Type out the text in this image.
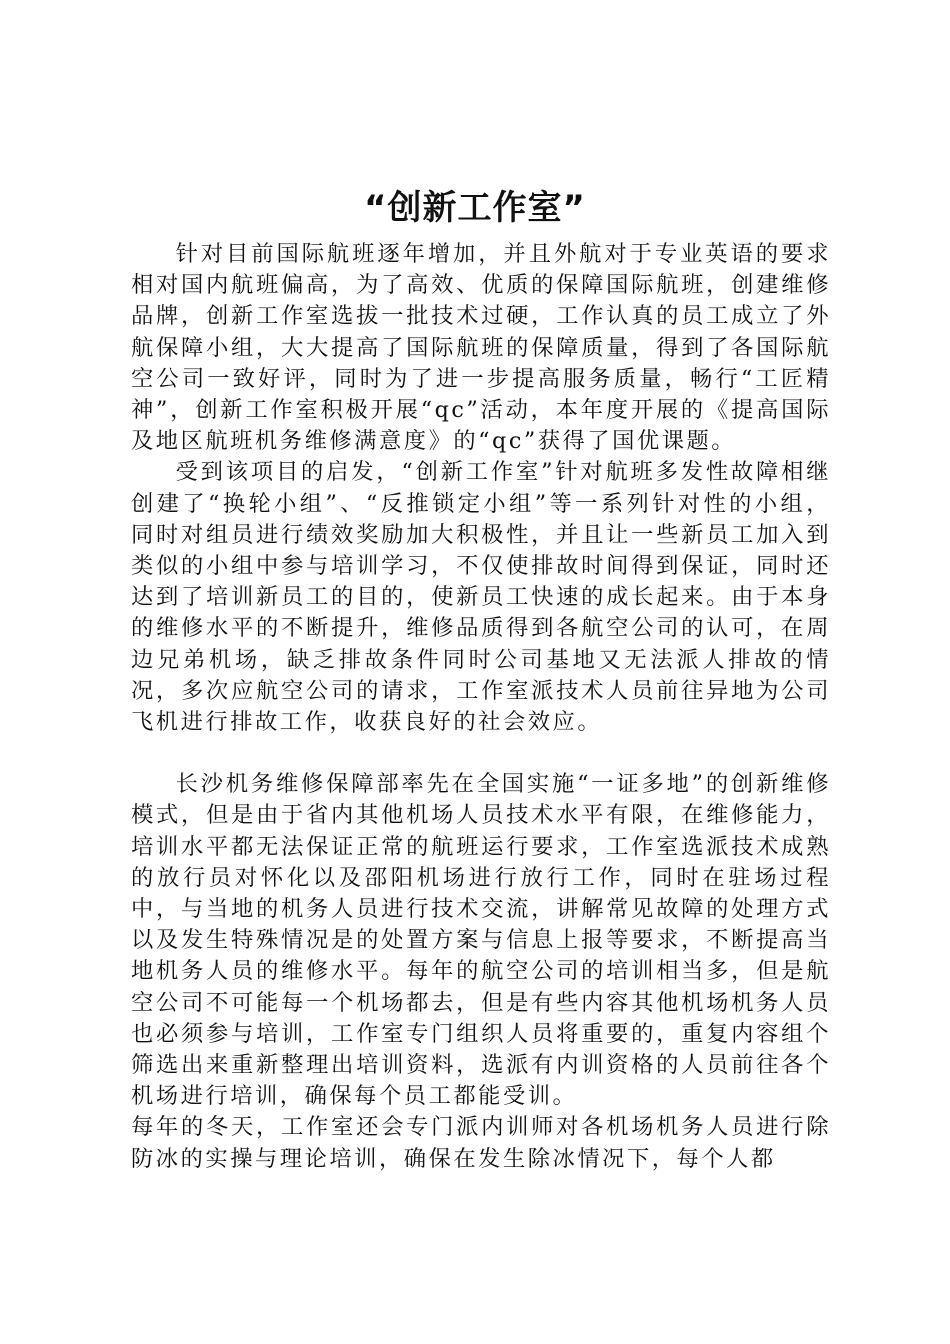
“创新工作室”

针对目前国际航班逐年增加，并且外航对于专业英语的要求相对国内航班偏高，为了高效、优质的保障国际航班，创建维修品牌，创新工作室选拔一批技术过硬，工作认真的员工成立了外航保障小组，大大提高了国际航班的保障质量，得到了各国际航空公司一致好评，同时为了进一步提高服务质量，畅行“工匠精神”，创新工作室积极开展“qc”活动，本年度开展的《提高国际及地区航班机务维修满意度》的“qc”获得了国优课题。

受到该项目的启发，“创新工作室”针对航班多发性故障相继创建了“换轮小组”、“反推锁定小组”等一系列针对性的小组，同时对组员进行绩效奖励加大积极性，并且让一些新员工加入到类似的小组中参与培训学习，不仅使排故时间得到保证，同时还达到了培训新员工的目的，使新员工快速的成长起来。由于本身的维修水平的不断提升，维修品质得到各航空公司的认可，在周边兄弟机场，缺乏排故条件同时公司基地又无法派人排故的情况，多次应航空公司的请求，工作室派技术人员前往异地为公司飞机进行排故工作，收获良好的社会效应。

长沙机务维修保障部率先在全国实施“一证多地”的创新维修模式，但是由于省内其他机场人员技术水平有限，在维修能力，培训水平都无法保证正常的航班运行要求，工作室选派技术成熟的放行员对怀化以及邵阳机场进行放行工作，同时在驻场过程中，与当地的机务人员进行技术交流，讲解常见故障的处理方式以及发生特殊情况是的处置方案与信息上报等要求，不断提高当地机务人员的维修水平。每年的航空公司的培训相当多，但是航空公司不可能每一个机场都去，但是有些内容其他机场机务人员也必须参与培训，工作室专门组织人员将重要的，重复内容组个筛选出来重新整理出培训资料，选派有内训资格的人员前往各个机场进行培训，确保每个员工都能受训。

每年的冬天，工作室还会专门派内训师对各机场机务人员进行除防冰的实操与理论培训，确保在发生除冰情况下，每个人都
